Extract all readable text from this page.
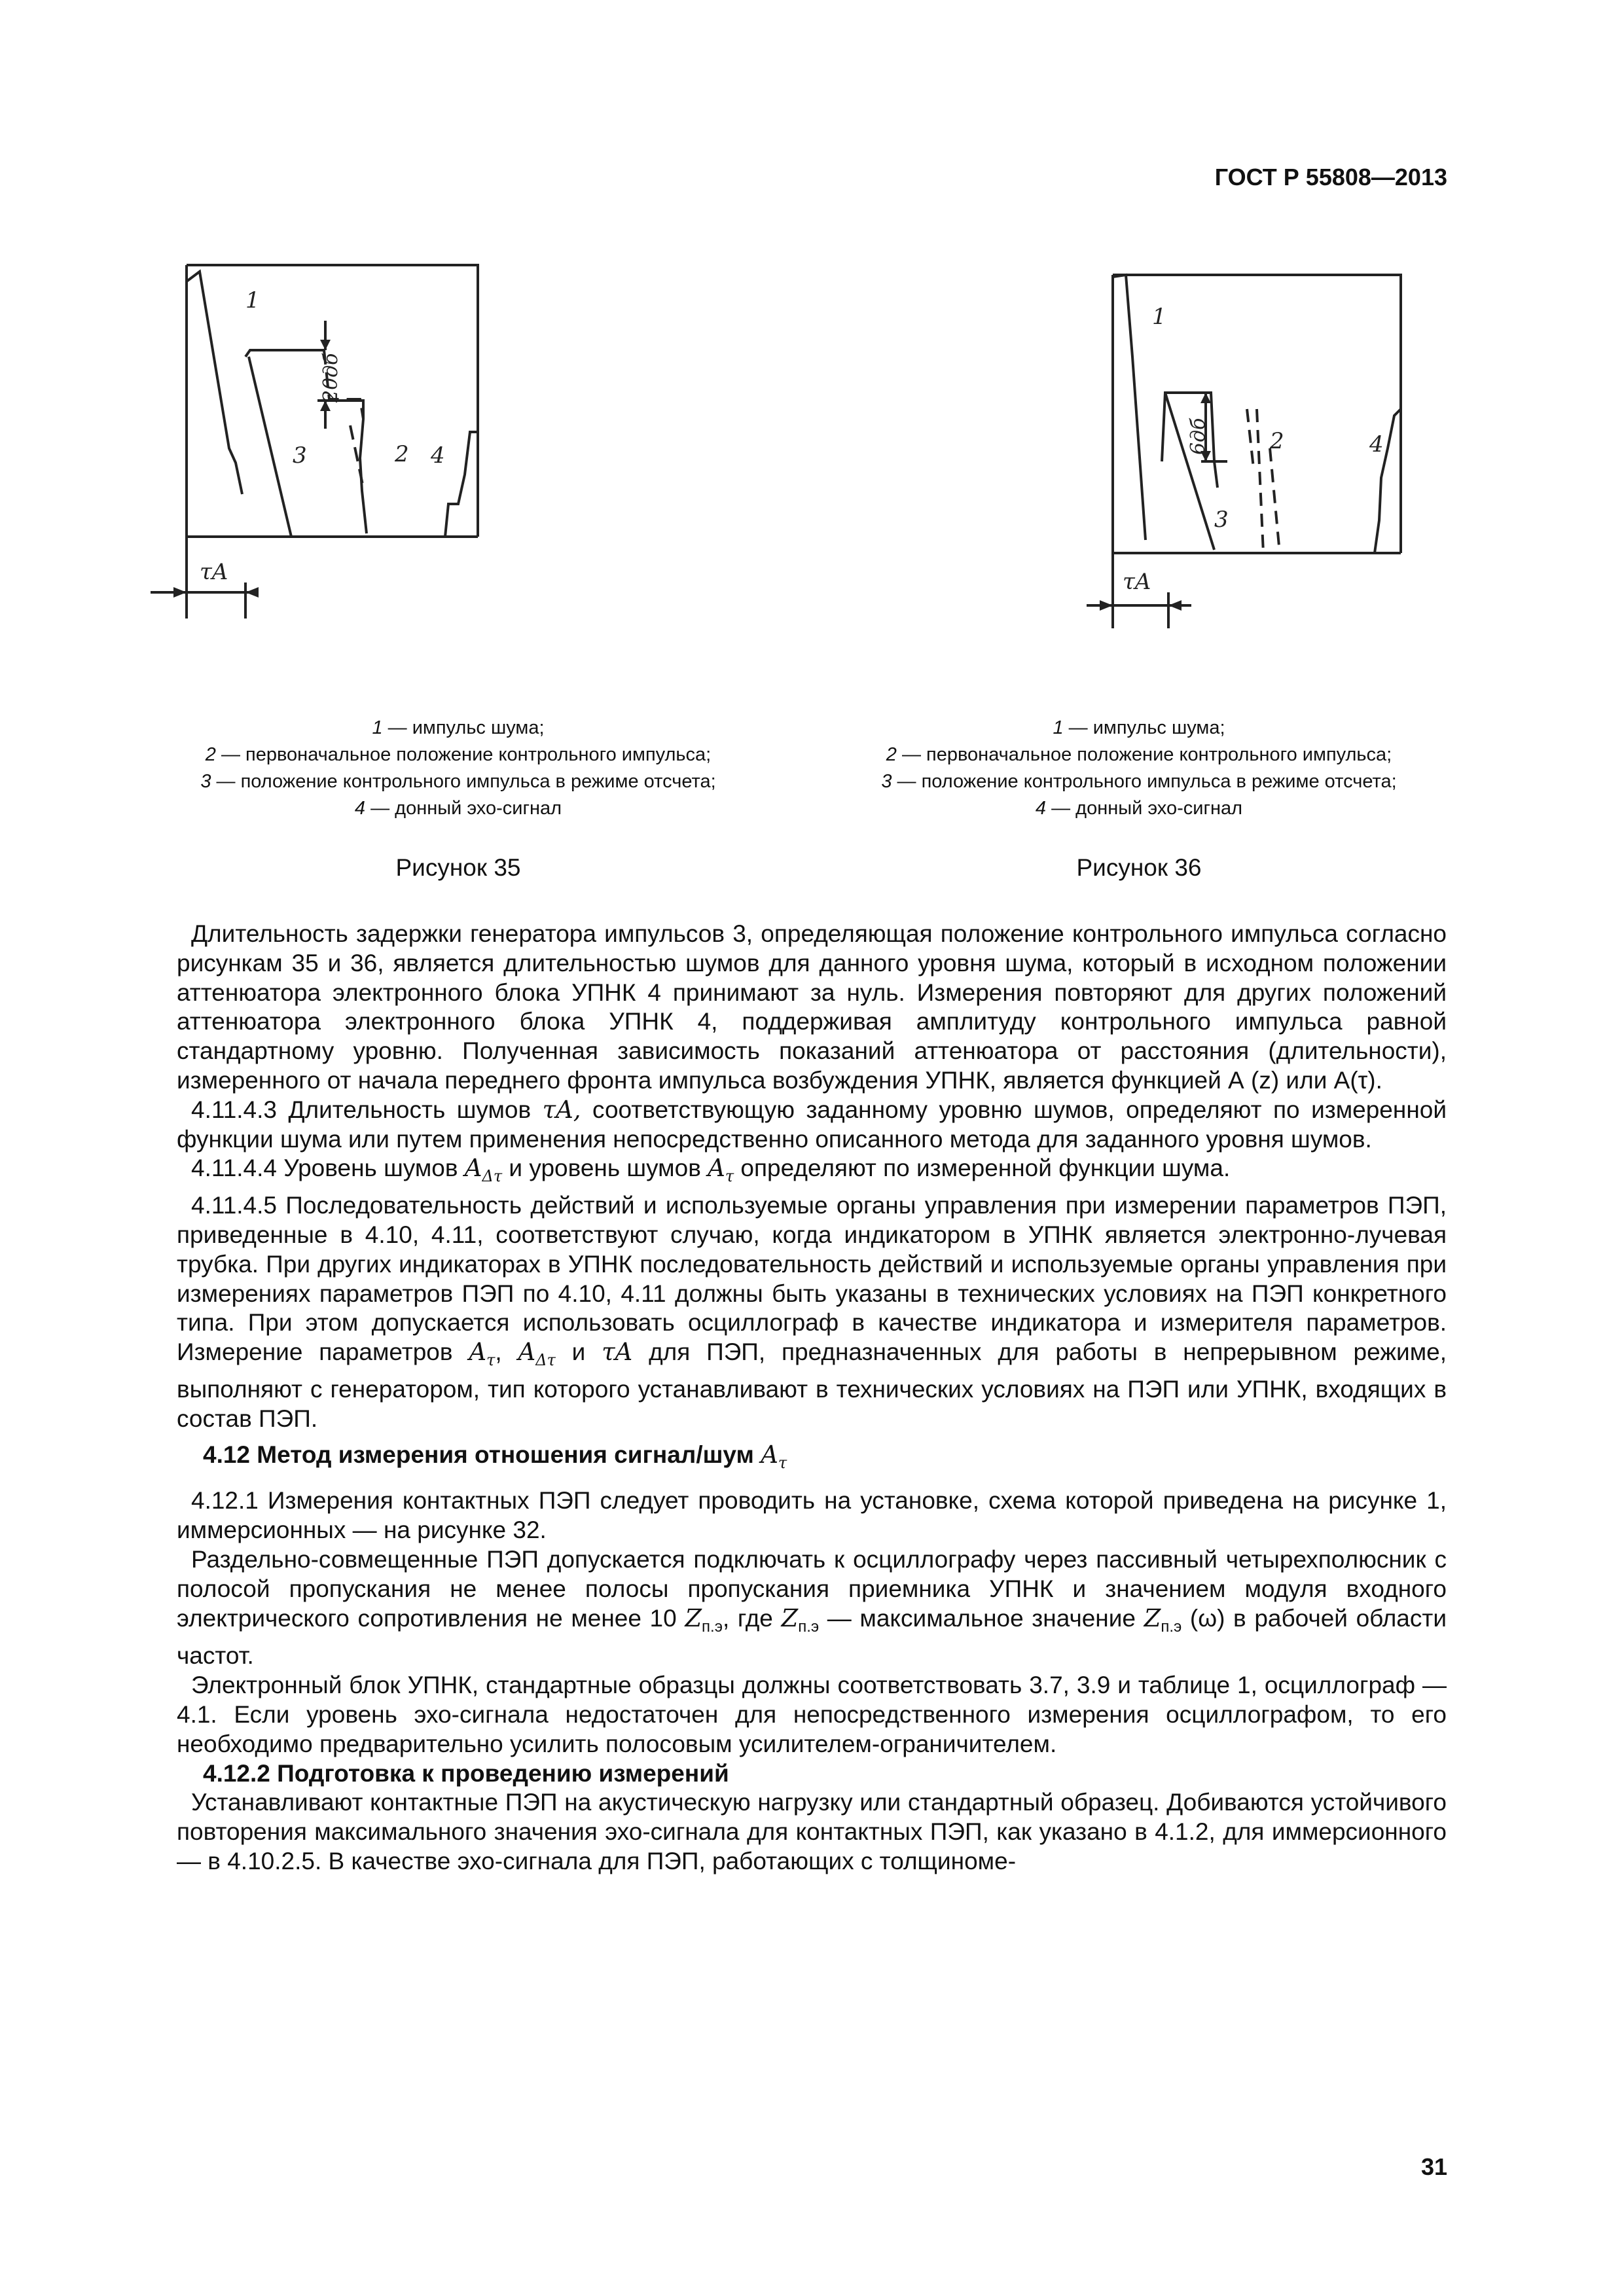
ГОСТ Р 55808—2013
1
2
3	4
τA
20дб
1
2
3
4
τA
6дб
1 — импульс шума;
2 — первоначальное положение контрольного импульса;
3 — положение контрольного импульса в режиме отсчета;
4 — донный эхо-сигнал
1 — импульс шума;
2 — первоначальное положение контрольного импульса;
3 — положение контрольного импульса в режиме отсчета;
4 — донный эхо-сигнал
Рисунок 35	Рисунок 36

Длительность задержки генератора импульсов 3, определяющая положение контрольного импульса согласно рисункам 35 и 36, является длительностью шумов для данного уровня шума, который в исходном положении аттенюатора электронного блока УПНК 4 принимают за нуль. Измерения повторяют для других положений аттенюатора электронного блока УПНК 4, поддерживая амплитуду контрольного импульса равной стандартному уровню. Полученная зависимость показаний аттенюатора от расстояния (длительности), измеренного от начала переднего фронта импульса возбуждения УПНК, является функцией А (z) или А(τ).

4.11.4.3 Длительность шумов τA, соответствующую заданному уровню шумов, определяют по измеренной функции шума или путем применения непосредственно описанного метода для заданного уровня шумов.

4.11.4.4 Уровень шумов $A_{\Delta\tau}$ и уровень шумов $A_\tau$ определяют по измеренной функции шума.

4.11.4.5 Последовательность действий и используемые органы управления при измерении параметров ПЭП, приведенные в 4.10, 4.11, соответствуют случаю, когда индикатором в УПНК является электронно-лучевая трубка. При других индикаторах в УПНК последовательность действий и используемые органы управления при измерениях параметров ПЭП по 4.10, 4.11 должны быть указаны в технических условиях на ПЭП конкретного типа. При этом допускается использовать осциллограф в качестве индикатора и измерителя параметров. Измерение параметров $A_\tau$, $A_{\Delta\tau}$ и τA для ПЭП, предназначенных для работы в непрерывном режиме, выполняют с генератором, тип которого устанавливают в технических условиях на ПЭП или УПНК, входящих в состав ПЭП.

4.12 Метод измерения отношения сигнал/шум $A_\tau$

4.12.1 Измерения контактных ПЭП следует проводить на установке, схема которой приведена на рисунке 1, иммерсионных — на рисунке 32.

Раздельно-совмещенные ПЭП допускается подключать к осциллографу через пассивный четырехполюсник с полосой пропускания не менее полосы пропускания приемника УПНК и значением модуля входного электрического сопротивления не менее 10 $Z_{п.э}$, где $Z_{п.э}$ — максимальное значение $Z_{п.э}$ (ω) в рабочей области частот.

Электронный блок УПНК, стандартные образцы должны соответствовать 3.7, 3.9 и таблице 1, осциллограф — 4.1. Если уровень эхо-сигнала недостаточен для непосредственного измерения осциллографом, то его необходимо предварительно усилить полосовым усилителем-ограничителем.

4.12.2 Подготовка к проведению измерений

Устанавливают контактные ПЭП на акустическую нагрузку или стандартный образец. Добиваются устойчивого повторения максимального значения эхо-сигнала для контактных ПЭП, как указано в 4.1.2, для иммерсионного — в 4.10.2.5. В качестве эхо-сигнала для ПЭП, работающих с толщиноме-

31
